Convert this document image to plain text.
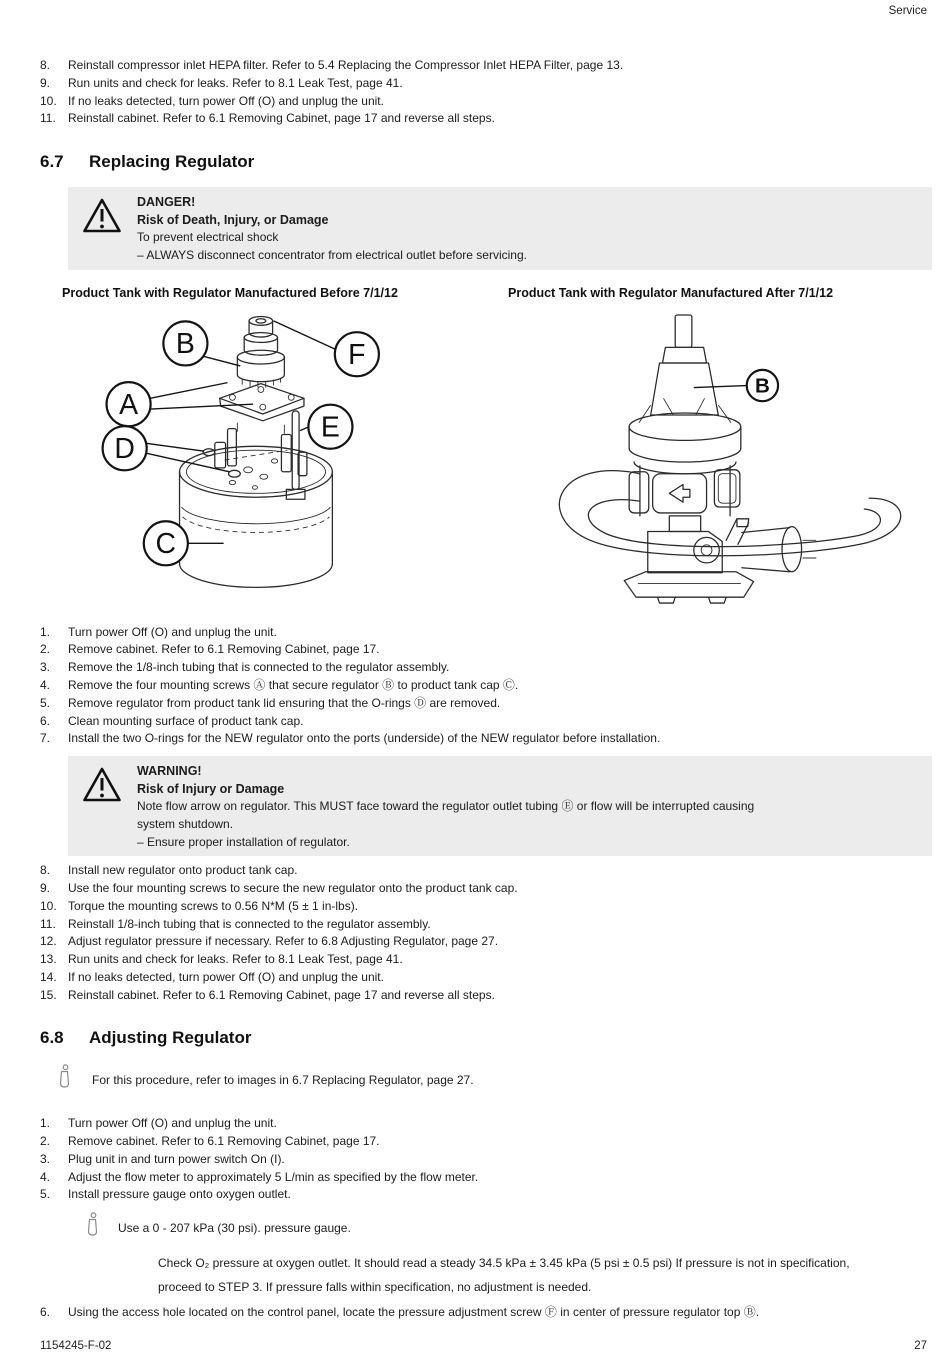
Service
8.	Reinstall compressor inlet HEPA filter. Refer to 5.4 Replacing the Compressor Inlet HEPA Filter, page 13.
9.	Run units and check for leaks. Refer to 8.1 Leak Test, page 41.
10. If no leaks detected, turn power Off (O) and unplug the unit.
11.	Reinstall cabinet. Refer to 6.1 Removing Cabinet, page 17 and reverse all steps.
6.7	Replacing Regulator
DANGER!
Risk of Death, Injury, or Damage
To prevent electrical shock
– ALWAYS disconnect concentrator from electrical outlet before servicing.
Product Tank with Regulator Manufactured Before 7/1/12	Product Tank with Regulator Manufactured After 7/1/12
B	F
A
E
D
C
B
1.	Turn power Off (O) and unplug the unit.
2.	Remove cabinet. Refer to 6.1 Removing Cabinet, page 17.
3.	Remove the 1/8-inch tubing that is connected to the regulator assembly.
4.	Remove the four mounting screws Ⓐ that secure regulator Ⓑ to product tank cap Ⓒ.
5.	Remove regulator from product tank lid ensuring that the O-rings Ⓓ are removed.
6.	Clean mounting surface of product tank cap.
7.	Install the two O-rings for the NEW regulator onto the ports (underside) of the NEW regulator before installation.
WARNING!
Risk of Injury or Damage
Note flow arrow on regulator. This MUST face toward the regulator outlet tubing Ⓔ or flow will be interrupted causing
system shutdown.
– Ensure proper installation of regulator.
8.	Install new regulator onto product tank cap.
9.	Use the four mounting screws to secure the new regulator onto the product tank cap.
10. Torque the mounting screws to 0.56 N*M (5 ± 1 in-lbs).
11.	Reinstall 1/8-inch tubing that is connected to the regulator assembly.
12. Adjust regulator pressure if necessary. Refer to 6.8 Adjusting Regulator, page 27.
13. Run units and check for leaks. Refer to 8.1 Leak Test, page 41.
14. If no leaks detected, turn power Off (O) and unplug the unit.
15. Reinstall cabinet. Refer to 6.1 Removing Cabinet, page 17 and reverse all steps.
6.8	Adjusting Regulator
For this procedure, refer to images in 6.7 Replacing Regulator, page 27.
1.	Turn power Off (O) and unplug the unit.
2.	Remove cabinet. Refer to 6.1 Removing Cabinet, page 17.
3.	Plug unit in and turn power switch On (I).
4.	Adjust the flow meter to approximately 5 L/min as specified by the flow meter.
5.	Install pressure gauge onto oxygen outlet.
Use a 0 - 207 kPa (30 psi). pressure gauge.
Check O₂ pressure at oxygen outlet. It should read a steady 34.5 kPa ± 3.45 kPa (5 psi ± 0.5 psi) If pressure is not in specification,
proceed to STEP 3. If pressure falls within specification, no adjustment is needed.
6.	Using the access hole located on the control panel, locate the pressure adjustment screw Ⓕ in center of pressure regulator top Ⓑ.
1154245-F-02	27
